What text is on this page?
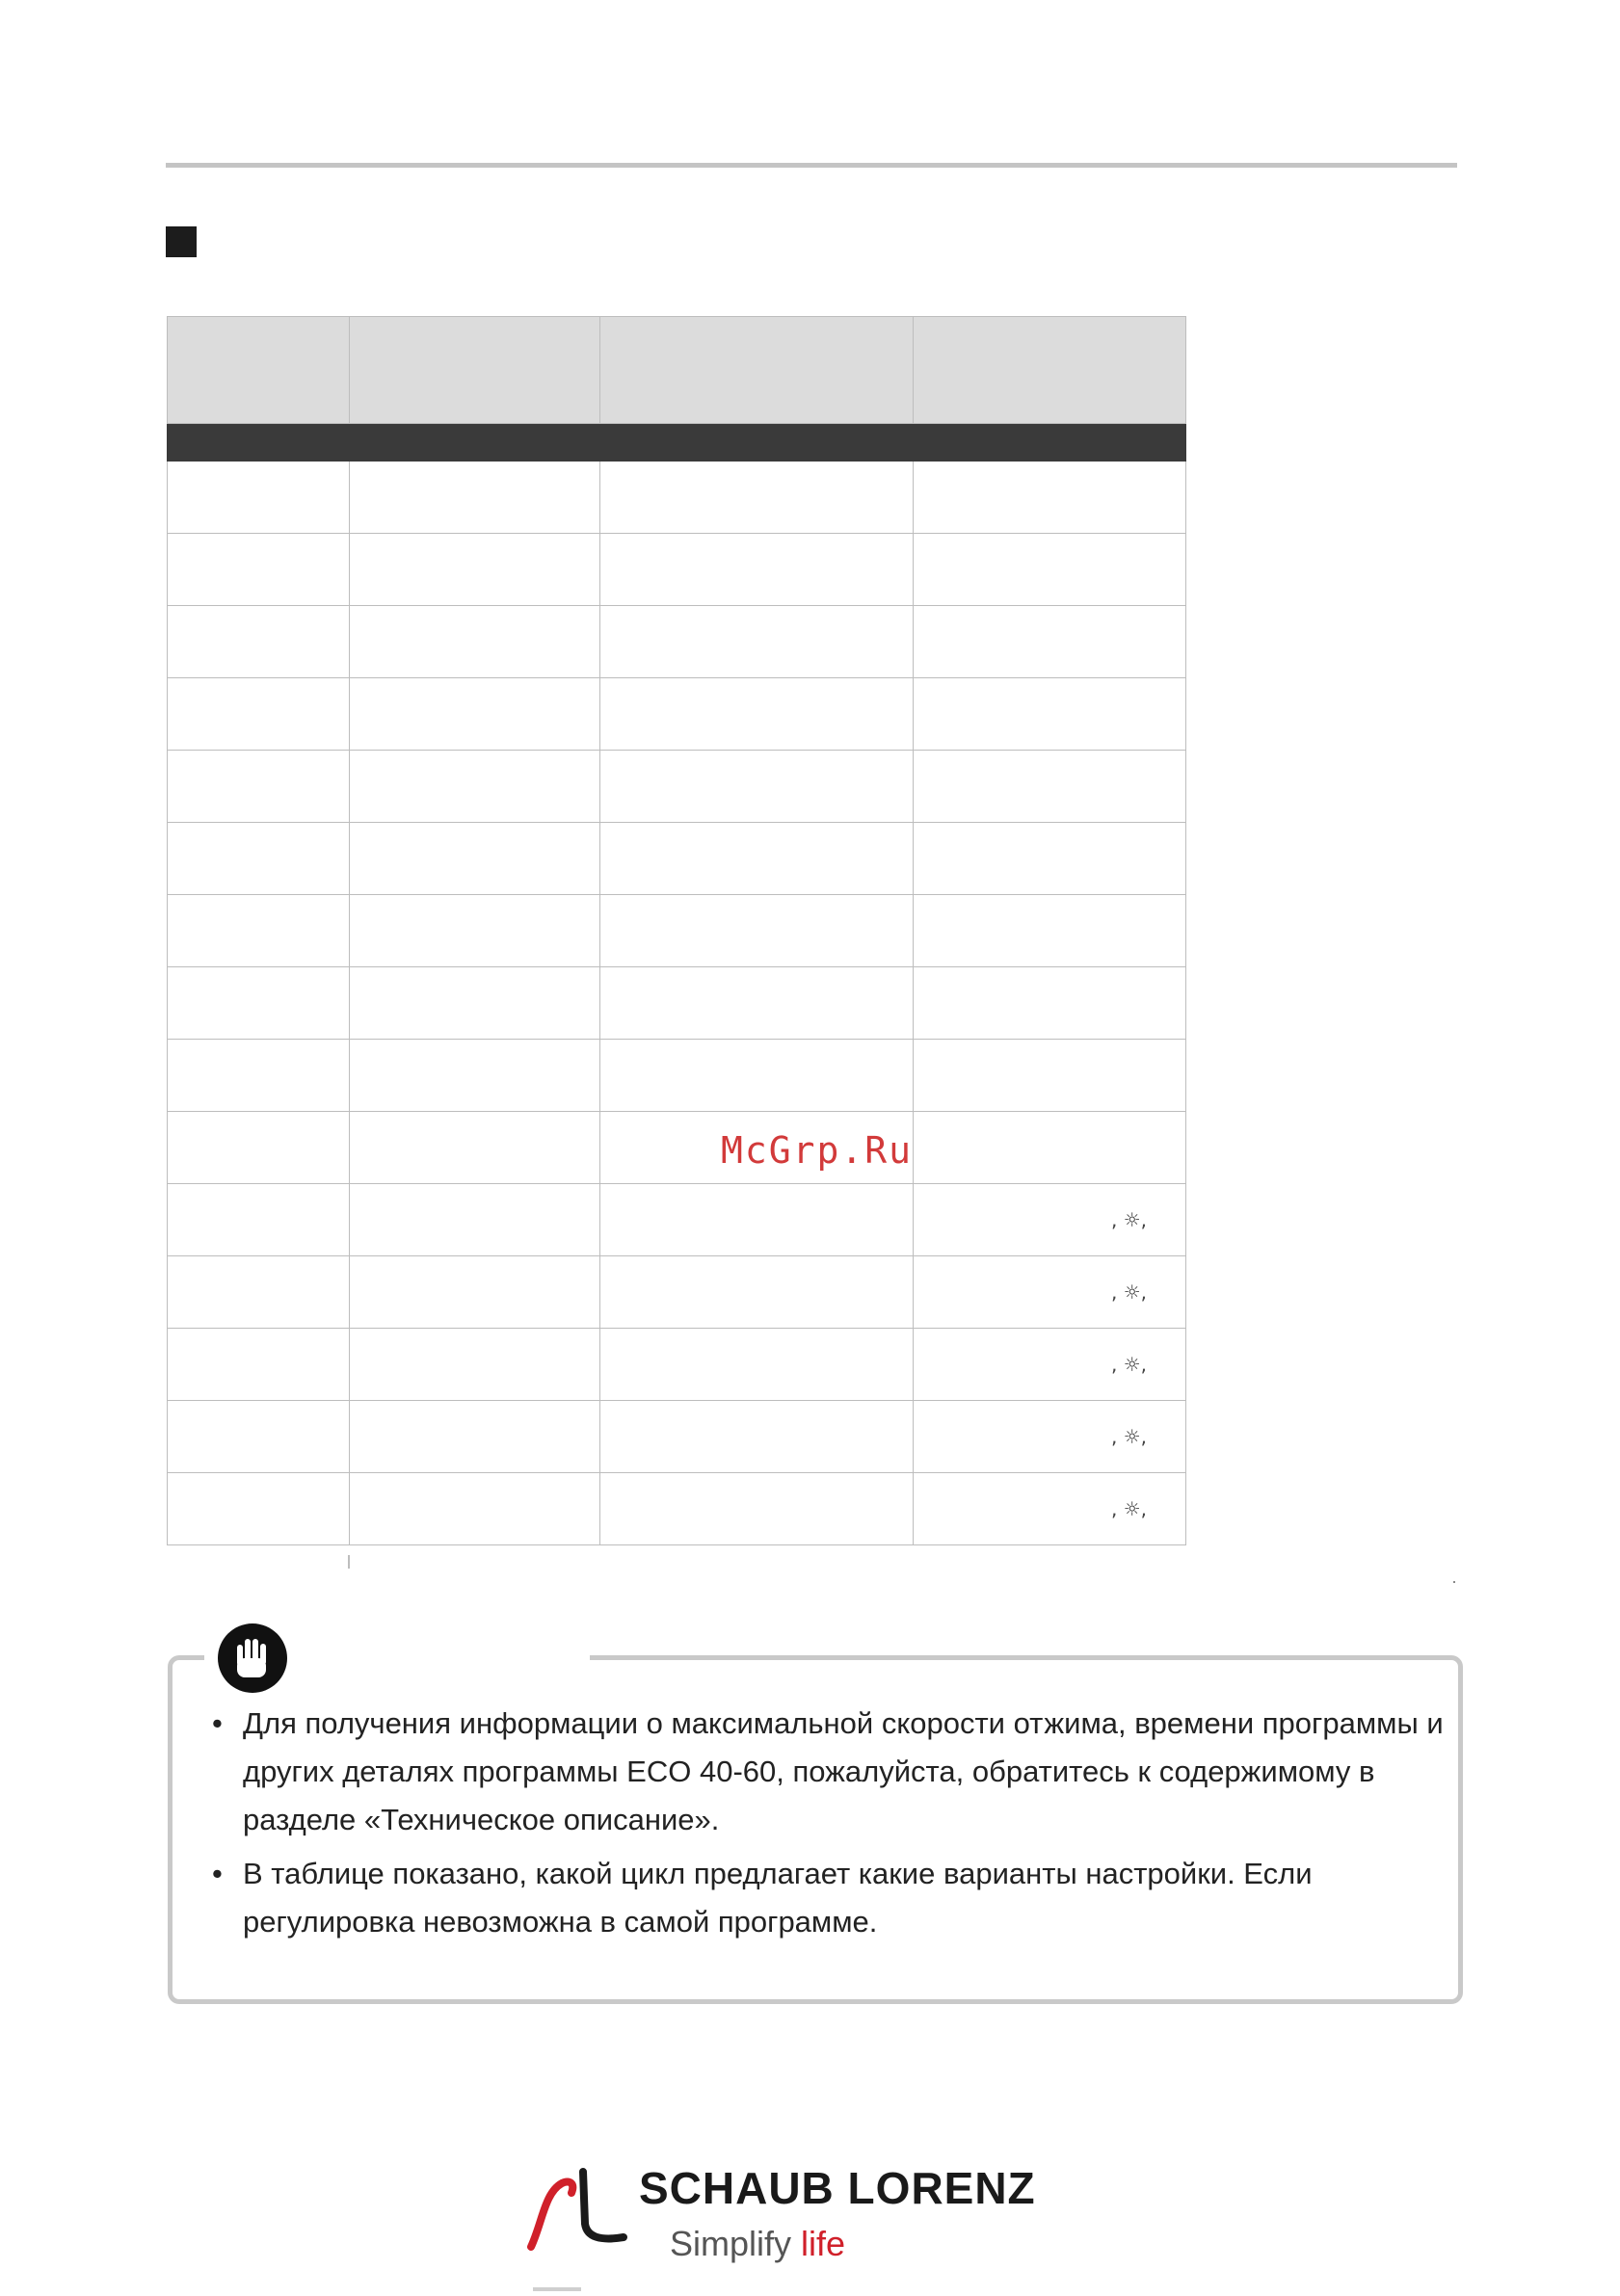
			, ☼,

			, ☼,

			, ☼,

			, ☼,

			, ☼,
McGrp.Ru
• Для получения информации о максимальной скорости отжима, времени программы и других деталях программы ECO 40-60, пожалуйста, обратитесь к содержимому в разделе «Техническое описание».
• В таблице показано, какой цикл предлагает какие варианты настройки. Если регулировка невозможна в самой программе.
SCHAUB LORENZ
Simplify life
